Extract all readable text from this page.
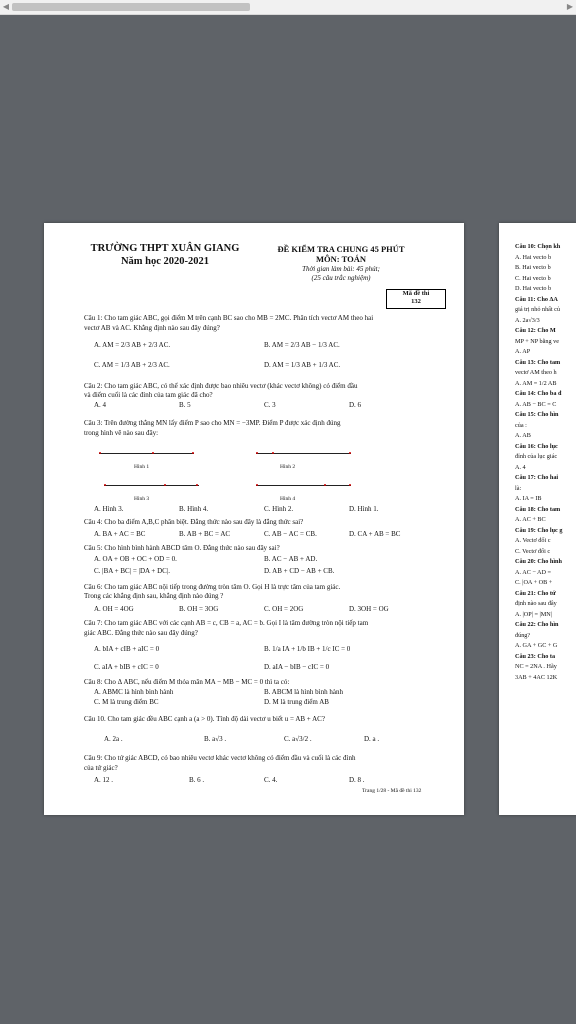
◀	▶
TRƯỜNG THPT XUÂN GIANG
Năm học 2020-2021
ĐỀ KIỂM TRA CHUNG 45 PHÚT
MÔN: TOÁN
Thời gian làm bài: 45 phút;
(25 câu trắc nghiệm)
Mã đề thi
132
Câu 1: Cho tam giác ABC, gọi điểm M trên cạnh BC sao cho MB = 2MC. Phân tích vectơ AM theo hai
vectơ AB và AC. Khẳng định nào sau đây đúng?
A. AM = 2/3 AB + 2/3 AC.	B. AM = 2/3 AB − 1/3 AC.
C. AM = 1/3 AB + 2/3 AC.	D. AM = 1/3 AB + 1/3 AC.
Câu 2: Cho tam giác ABC, có thể xác định được bao nhiêu vectơ (khác vectơ không) có điểm đầu
và điểm cuối là các đỉnh của tam giác đã cho?
A. 4	B. 5	C. 3	D. 6
Câu 3: Trên đường thẳng MN lấy điểm P sao cho MN = −3MP. Điểm P được xác định đúng
trong hình vẽ nào sau đây:
Hình 1	Hình 2
Hình 3	Hình 4
A. Hình 3.	B. Hình 4.	C. Hình 2.	D. Hình 1.
Câu 4: Cho ba điểm A,B,C phân biệt. Đẳng thức nào sau đây là đẳng thức sai?
A. BA + AC = BC	B. AB + BC = AC	C. AB − AC = CB.	D. CA + AB = BC
Câu 5: Cho hình bình hành ABCD tâm O. Đẳng thức nào sau đây sai?
A. OA + OB + OC + OD = 0.	B. AC − AB + AD.
C. |BA + BC| = |DA + DC|.	D. AB + CD − AB + CB.
Câu 6: Cho tam giác ABC nội tiếp trong đường tròn tâm O. Gọi H là trực tâm của tam giác.
Trong các khẳng định sau, khẳng định nào đúng ?
A. OH = 4OG	B. OH = 3OG	C. OH = 2OG	D. 3OH = OG
Câu 7: Cho tam giác ABC với các cạnh AB = c, CB = a, AC = b. Gọi I là tâm đường tròn nội tiếp tam
giác ABC. Đẳng thức nào sau đây đúng?
A. bIA + cIB + aIC = 0	B. 1/a IA + 1/b IB + 1/c IC = 0
C. aIA + bIB + cIC = 0	D. aIA − bIB − cIC = 0
Câu 8: Cho Δ ABC, nếu điểm M thỏa mãn MA − MB − MC = 0 thì ta có:
A. ABMC là hình bình hành	B. ABCM là hình bình hành
C. M là trung điểm BC	D. M là trung điểm AB
Câu 10. Cho tam giác đều ABC cạnh a (a > 0). Tính độ dài vectơ u biết u = AB + AC?
A. 2a .	B. a√3 .	C. a√3/2 .	D. a .
Câu 9: Cho tứ giác ABCD, có bao nhiêu vectơ khác vectơ không có điểm đầu và cuối là các đỉnh
của tứ giác?
A. 12 .	B. 6 .	C. 4.	D. 8 .
Trang 1/28 - Mã đề thi 132
Câu 10: Chọn kh
A. Hai vecto b
B. Hai vecto b
C. Hai vecto b
D. Hai vecto b
Câu 11: Cho ΔA
giá trị nhỏ nhất củ
A. 2a√3/3
Câu 12: Cho M
MP + NP bằng ve
A. AP
Câu 13: Cho tam
vectơ AM theo h
A. AM = 1/2 AB
Câu 14: Cho ba đ
A. AB − BC = C
Câu 15: Cho hìn
của :
A. AB
Câu 16: Cho lục
đỉnh của lục giác
A. 4
Câu 17: Cho hai
là:
A. IA = IB
Câu 18: Cho tam
A. AC + BC
Câu 19: Cho lục g
A. Vectơ đối c
C. Vectơ đối c
Câu 20: Cho hình
A. AC − AD =
C. |OA + OB +
Câu 21: Cho tứ
định nào sau đây
A. |OP| = |MN|
Câu 22: Cho hìn
đúng?
A. GA + GC + G
Câu 23: Cho ta
NC = 2NA . Hãy
3AB + 4AC 12K
